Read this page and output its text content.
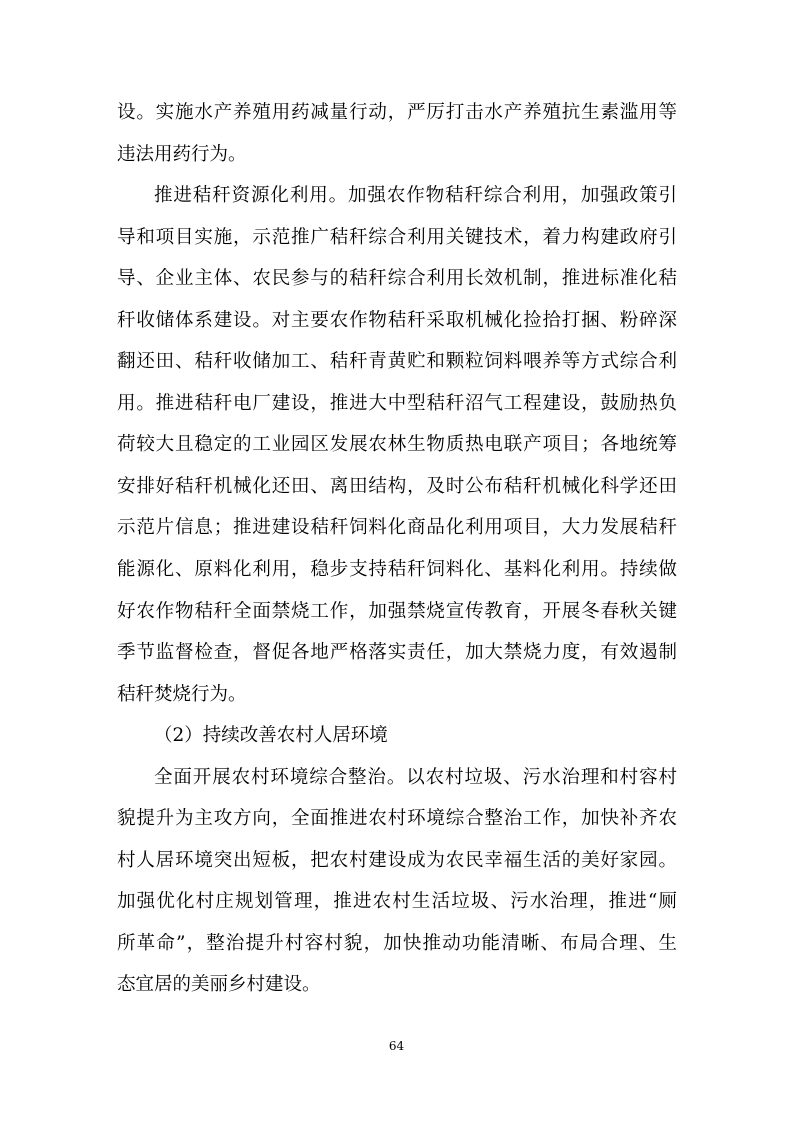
设。实施水产养殖用药减量行动，严厉打击水产养殖抗生素滥用等
违法用药行为。
推进秸秆资源化利用。加强农作物秸秆综合利用，加强政策引
导和项目实施，示范推广秸秆综合利用关键技术，着力构建政府引
导、企业主体、农民参与的秸秆综合利用长效机制，推进标准化秸
秆收储体系建设。对主要农作物秸秆采取机械化捡拾打捆、粉碎深
翻还田、秸秆收储加工、秸秆青黄贮和颗粒饲料喂养等方式综合利
用。推进秸秆电厂建设，推进大中型秸秆沼气工程建设，鼓励热负
荷较大且稳定的工业园区发展农林生物质热电联产项目；各地统筹
安排好秸秆机械化还田、离田结构，及时公布秸秆机械化科学还田
示范片信息；推进建设秸秆饲料化商品化利用项目，大力发展秸秆
能源化、原料化利用，稳步支持秸秆饲料化、基料化利用。持续做
好农作物秸秆全面禁烧工作，加强禁烧宣传教育，开展冬春秋关键
季节监督检查，督促各地严格落实责任，加大禁烧力度，有效遏制
秸秆焚烧行为。
（2）持续改善农村人居环境
全面开展农村环境综合整治。以农村垃圾、污水治理和村容村
貌提升为主攻方向，全面推进农村环境综合整治工作，加快补齐农
村人居环境突出短板，把农村建设成为农民幸福生活的美好家园。
加强优化村庄规划管理，推进农村生活垃圾、污水治理，推进“厕
所革命”，整治提升村容村貌，加快推动功能清晰、布局合理、生
态宜居的美丽乡村建设。
64
